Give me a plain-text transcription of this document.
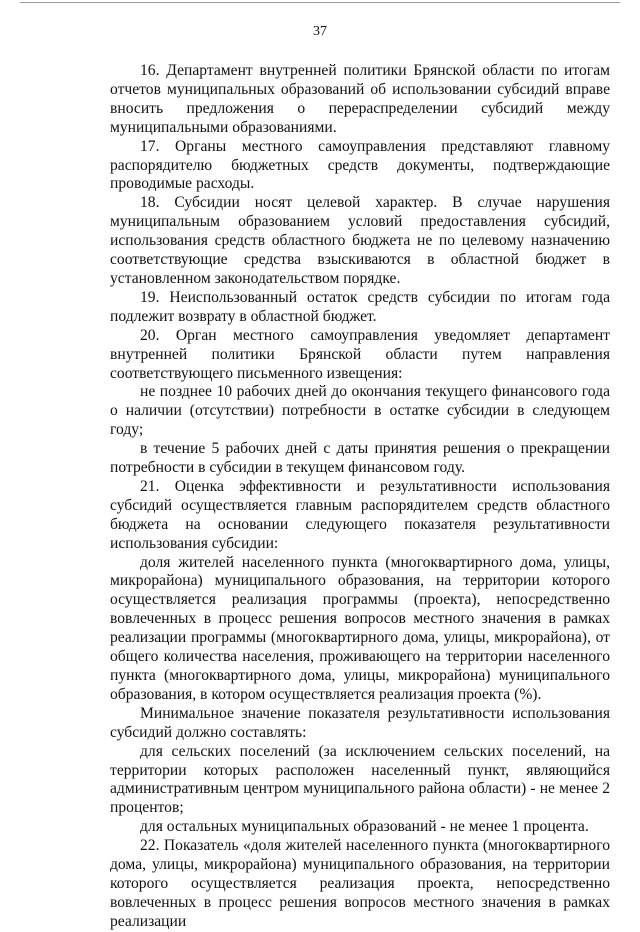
37

16. Департамент внутренней политики Брянской области по итогам отчетов муниципальных образований об использовании субсидий вправе вносить предложения о перераспределении субсидий между муниципальными образованиями.

17. Органы местного самоуправления представляют главному распорядителю бюджетных средств документы, подтверждающие проводимые расходы.

18. Субсидии носят целевой характер. В случае нарушения муниципальным образованием условий предоставления субсидий, использования средств областного бюджета не по целевому назначению соответствующие средства взыскиваются в областной бюджет в установленном законодательством порядке.

19. Неиспользованный остаток средств субсидии по итогам года подлежит возврату в областной бюджет.

20. Орган местного самоуправления уведомляет департамент внутренней политики Брянской области путем направления соответствующего письменного извещения:

не позднее 10 рабочих дней до окончания текущего финансового года о наличии (отсутствии) потребности в остатке субсидии в следующем году;

в течение 5 рабочих дней с даты принятия решения о прекращении потребности в субсидии в текущем финансовом году.

21. Оценка эффективности и результативности использования субсидий осуществляется главным распорядителем средств областного бюджета на основании следующего показателя результативности использования субсидии:

доля жителей населенного пункта (многоквартирного дома, улицы, микрорайона) муниципального образования, на территории которого осуществляется реализация программы (проекта), непосредственно вовлеченных в процесс решения вопросов местного значения в рамках реализации программы (многоквартирного дома, улицы, микрорайона), от общего количества населения, проживающего на территории населенного пункта (многоквартирного дома, улицы, микрорайона) муниципального образования, в котором осуществляется реализация проекта (%).

Минимальное значение показателя результативности использования субсидий должно составлять:

для сельских поселений (за исключением сельских поселений, на территории которых расположен населенный пункт, являющийся административным центром муниципального района области) - не менее 2 процентов;

для остальных муниципальных образований - не менее 1 процента.

22. Показатель «доля жителей населенного пункта (многоквартирного дома, улицы, микрорайона) муниципального образования, на территории которого осуществляется реализация проекта, непосредственно вовлеченных в процесс решения вопросов местного значения в рамках реализации
